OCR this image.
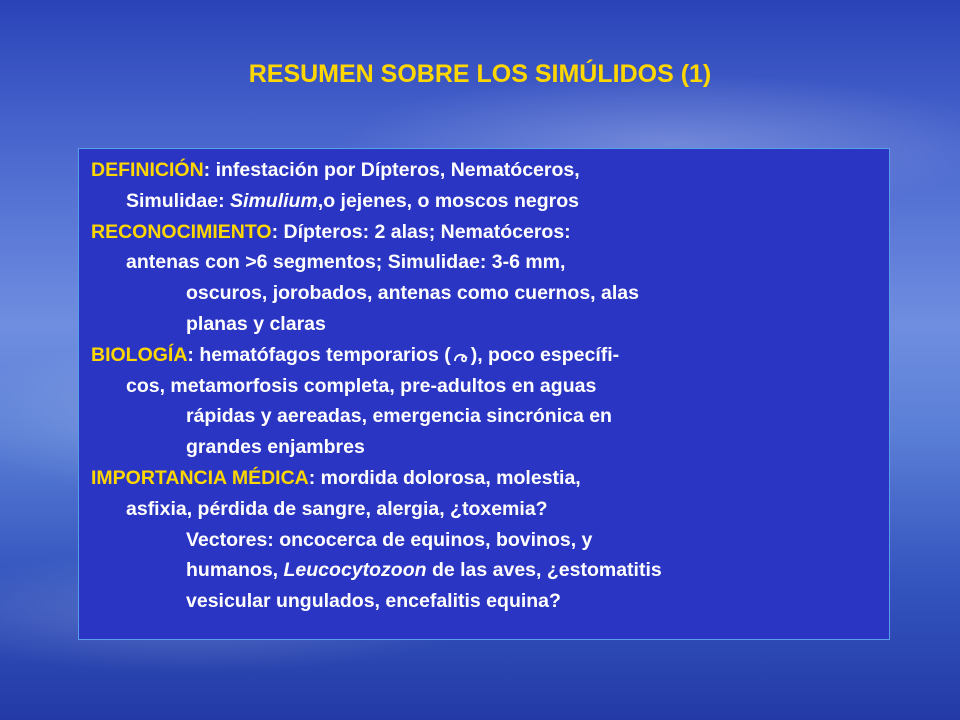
RESUMEN SOBRE LOS SIMÚLIDOS (1)
DEFINICIÓN: infestación por Dípteros, Nematóceros,
Simulidae: Simulium,o jejenes, o moscos negros
RECONOCIMIENTO: Dípteros: 2 alas; Nematóceros:
antenas con >6 segmentos; Simulidae: 3-6 mm,
oscuros, jorobados, antenas como cuernos, alas
planas y claras
BIOLOGÍA: hematófagos temporarios ( ), poco específi-
cos, metamorfosis completa, pre-adultos en aguas
rápidas y aereadas, emergencia sincrónica en
grandes enjambres
IMPORTANCIA MÉDICA: mordida dolorosa, molestia,
asfixia, pérdida de sangre, alergia, ¿toxemia?
Vectores: oncocerca de equinos, bovinos, y
humanos, Leucocytozoon de las aves, ¿estomatitis
vesicular ungulados, encefalitis equina?
